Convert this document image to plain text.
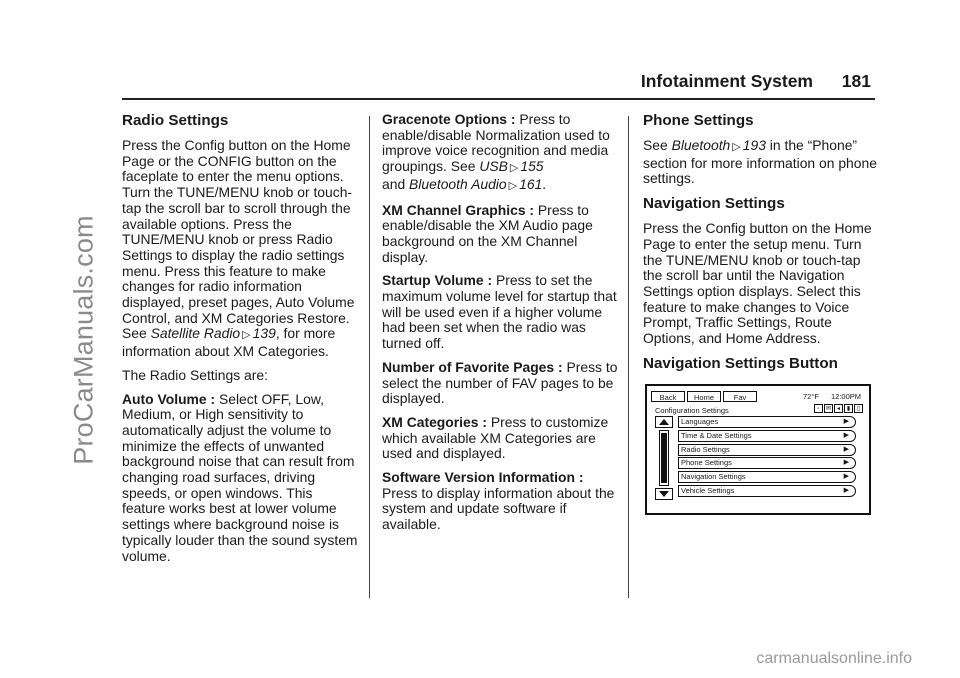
ProCarManuals.com
Infotainment System 181
Radio Settings

Press the Config button on the Home Page or the CONFIG button on the faceplate to enter the menu options. Turn the TUNE/MENU knob or touch-tap the scroll bar to scroll through the available options. Press the TUNE/MENU knob or press Radio Settings to display the radio settings menu. Press this feature to make changes for radio information displayed, preset pages, Auto Volume Control, and XM Categories Restore. See Satellite Radio ▷ 139, for more information about XM Categories.

The Radio Settings are:

Auto Volume : Select OFF, Low, Medium, or High sensitivity to automatically adjust the volume to minimize the effects of unwanted background noise that can result from changing road surfaces, driving speeds, or open windows. This feature works best at lower volume settings where background noise is typically louder than the sound system volume.

Gracenote Options : Press to enable/disable Normalization used to improve voice recognition and media groupings. See USB ▷ 155
and Bluetooth Audio ▷ 161.

XM Channel Graphics : Press to enable/disable the XM Audio page background on the XM Channel display.

Startup Volume : Press to set the maximum volume level for startup that will be used even if a higher volume had been set when the radio was turned off.

Number of Favorite Pages : Press to select the number of FAV pages to be displayed.

XM Categories : Press to customize which available XM Categories are used and displayed.

Software Version Information :
Press to display information about the system and update software if available.

Phone Settings

See Bluetooth ▷ 193 in the “Phone” section for more information on phone settings.

Navigation Settings

Press the Config button on the Home Page to enter the setup menu. Turn the TUNE/MENU knob or touch-tap the scroll bar until the Navigation Settings option displays. Select this feature to make changes to Voice Prompt, Traffic Settings, Route Options, and Home Address.

Navigation Settings Button
Back	Home	Fav	72°F 12:00PM
Configuration Settings	▫	✉ ◂	▮	▯
Languages	▶
Time & Date Settings	▶
Radio Settings	▶
Phone Settings	▶
Navigation Settings	▶
Vehicle Settings	▶
carmanualsonline.info
